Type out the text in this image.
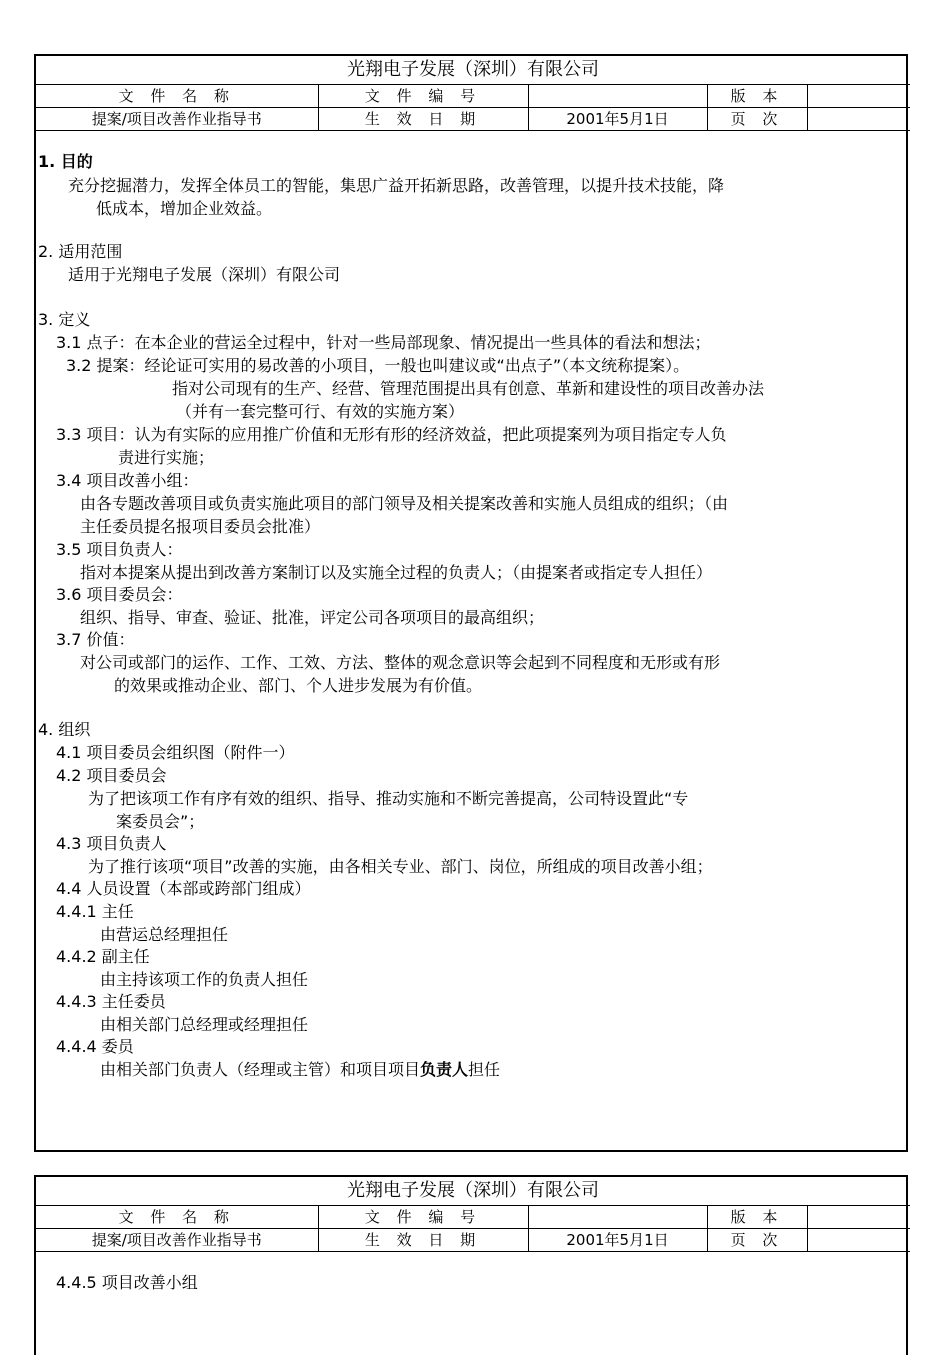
光翔电子发展（深圳）有限公司				
文 件 名 称	文 件 编 号		版 本	
提案/项目改善作业指导书	生 效 日 期	2001年5月1日	页 次	
1. 目的
充分挖掘潜力，发挥全体员工的智能，集思广益开拓新思路，改善管理，以提升技术技能，降
低成本，增加企业效益。
2. 适用范围
适用于光翔电子发展（深圳）有限公司
3. 定义
3.1 点子：在本企业的营运全过程中，针对一些局部现象、情况提出一些具体的看法和想法；
3.2 提案：经论证可实用的易改善的小项目，一般也叫建议或“出点子”（本文统称提案）。
指对公司现有的生产、经营、管理范围提出具有创意、革新和建设性的项目改善办法
（并有一套完整可行、有效的实施方案）
3.3 项目：认为有实际的应用推广价值和无形有形的经济效益，把此项提案列为项目指定专人负
责进行实施；
3.4 项目改善小组：
由各专题改善项目或负责实施此项目的部门领导及相关提案改善和实施人员组成的组织；（由
主任委员提名报项目委员会批准）
3.5 项目负责人：
指对本提案从提出到改善方案制订以及实施全过程的负责人；（由提案者或指定专人担任）
3.6 项目委员会：
组织、指导、审查、验证、批准，评定公司各项项目的最高组织；
3.7 价值：
对公司或部门的运作、工作、工效、方法、整体的观念意识等会起到不同程度和无形或有形
的效果或推动企业、部门、个人进步发展为有价值。
4. 组织
4.1 项目委员会组织图（附件一）
4.2 项目委员会
为了把该项工作有序有效的组织、指导、推动实施和不断完善提高，公司特设置此“专
案委员会”；
4.3 项目负责人
为了推行该项“项目”改善的实施，由各相关专业、部门、岗位，所组成的项目改善小组；
4.4 人员设置（本部或跨部门组成）
4.4.1 主任
由营运总经理担任
4.4.2 副主任
由主持该项工作的负责人担任
4.4.3 主任委员
由相关部门总经理或经理担任
4.4.4 委员
由相关部门负责人（经理或主管）和项目项目负责人担任
光翔电子发展（深圳）有限公司				
文 件 名 称	文 件 编 号		版 本	
提案/项目改善作业指导书	生 效 日 期	2001年5月1日	页 次	
4.4.5 项目改善小组
